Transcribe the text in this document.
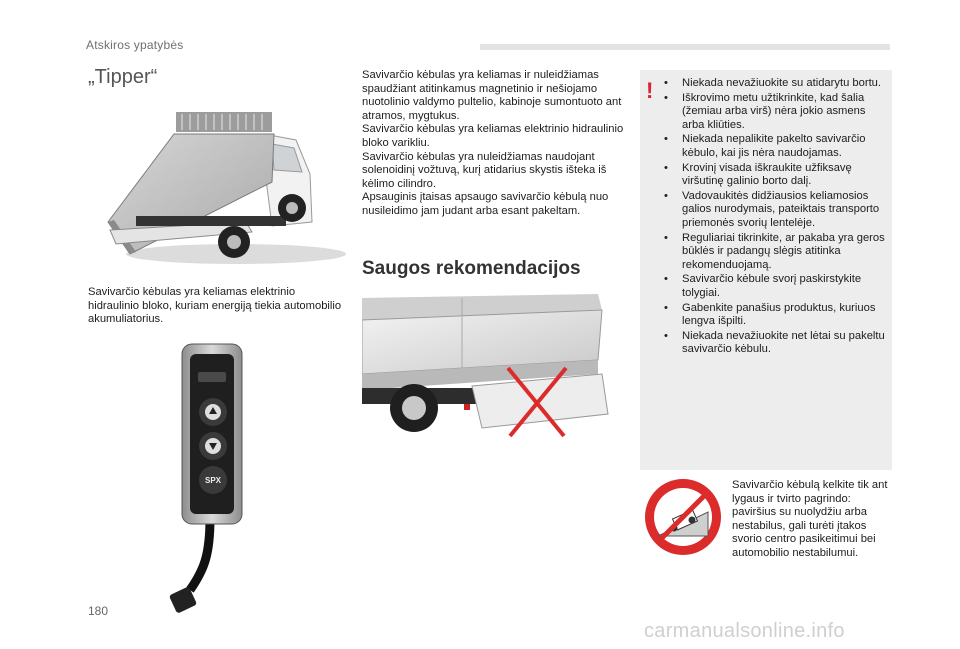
Atskiros ypatybės
„Tipper“
Savivarčio kėbulas yra keliamas elektrinio hidraulinio bloko, kuriam energiją tiekia automobilio akumuliatorius.
SPX
Savivarčio kėbulas yra keliamas ir nuleidžiamas spaudžiant atitinkamus magnetinio ir nešiojamo nuotolinio valdymo pultelio, kabinoje sumontuoto ant atramos, mygtukus.
Savivarčio kėbulas yra keliamas elektrinio hidraulinio bloko varikliu.
Savivarčio kėbulas yra nuleidžiamas naudojant solenoidinį vožtuvą, kurį atidarius skystis išteka iš kėlimo cilindro.
Apsauginis įtaisas apsaugo savivarčio kėbulą nuo nusileidimo jam judant arba esant pakeltam.
Saugos rekomendacijos
!
•	Niekada nevažiuokite su atidarytu bortu.
• Iškrovimo metu užtikrinkite, kad šalia (žemiau arba virš) nėra jokio asmens arba kliūties.
• Niekada nepalikite pakelto savivarčio kėbulo, kai jis nėra naudojamas.
• Krovinį visada iškraukite užfiksavę viršutinę galinio borto dalį.
• Vadovaukitės didžiausios keliamosios galios nurodymais, pateiktais transporto priemonės svorių lentelėje.
• Reguliariai tikrinkite, ar pakaba yra geros būklės ir padangų slėgis atitinka rekomenduojamą.
• Savivarčio kėbule svorį paskirstykite tolygiai.
• Gabenkite panašius produktus, kuriuos lengva išpilti.
• Niekada nevažiuokite net lėtai su pakeltu savivarčio kėbulu.
Savivarčio kėbulą kelkite tik ant lygaus ir tvirto pagrindo: paviršius su nuolydžiu arba nestabilus, gali turėti įtakos svorio centro pasikeitimui bei automobilio nestabilumui.
180
carmanualsonline.info
